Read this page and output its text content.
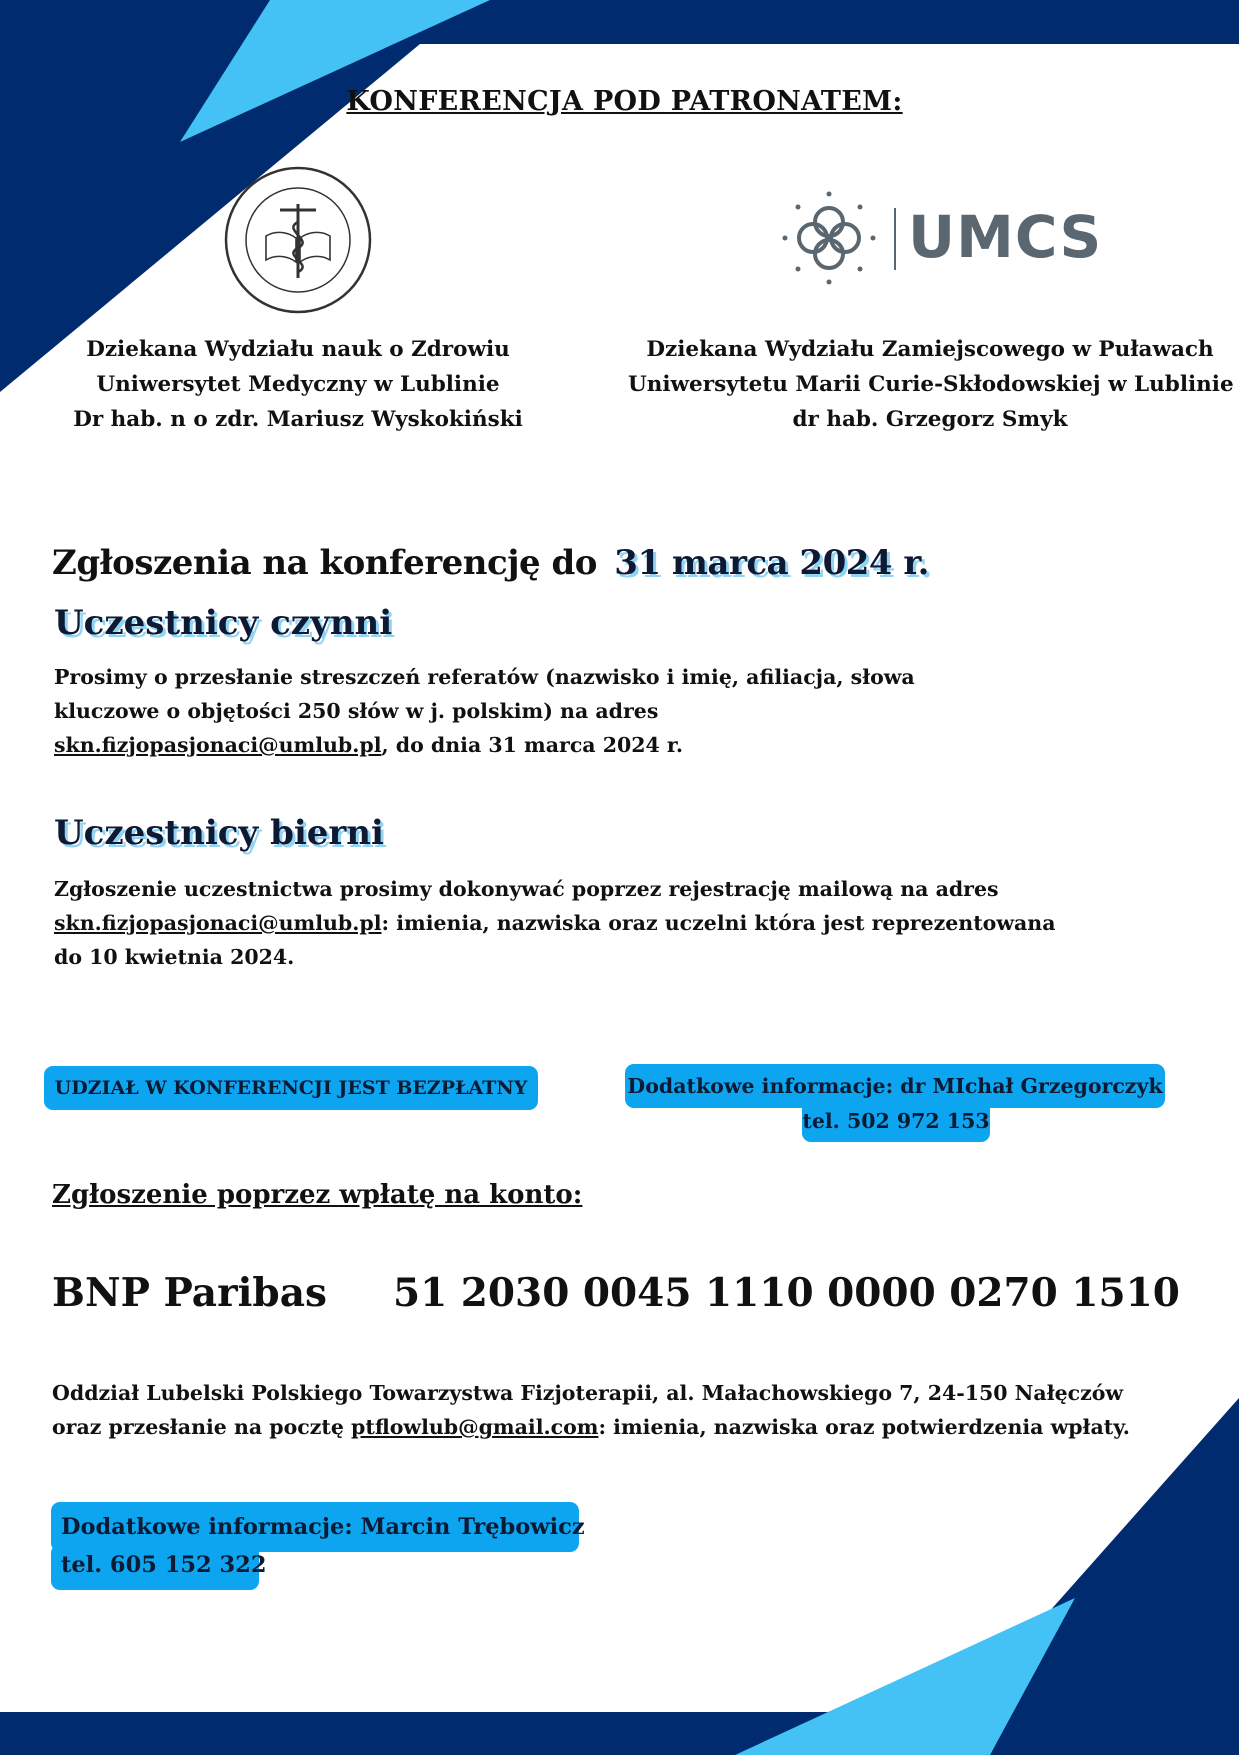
KONFERENCJA POD PATRONATEM:
UMCS
Dziekana Wydziału nauk o Zdrowiu
Uniwersytet Medyczny w Lublinie
Dr hab. n o zdr. Mariusz Wyskokiński
Dziekana Wydziału Zamiejscowego w Puławach
Uniwersytetu Marii Curie-Skłodowskiej w Lublinie
dr hab. Grzegorz Smyk
Zgłoszenia na konferencję do 31 marca 2024 r.
Uczestnicy czynni
Prosimy o przesłanie streszczeń referatów (nazwisko i imię, afiliacja, słowa
kluczowe o objętości 250 słów w j. polskim) na adres
skn.fizjopasjonaci@umlub.pl, do dnia 31 marca 2024 r.
Uczestnicy bierni
Zgłoszenie uczestnictwa prosimy dokonywać poprzez rejestrację mailową na adres
skn.fizjopasjonaci@umlub.pl: imienia, nazwiska oraz uczelni która jest reprezentowana
do 10 kwietnia 2024.
UDZIAŁ W KONFERENCJI JEST BEZPŁATNY	Dodatkowe informacje: dr MIchał Grzegorczyk
tel. 502 972 153
Zgłoszenie poprzez wpłatę na konto:
BNP Paribas 51 2030 0045 1110 0000 0270 1510
Oddział Lubelski Polskiego Towarzystwa Fizjoterapii, al. Małachowskiego 7, 24-150 Nałęczów
oraz przesłanie na pocztę ptflowlub@gmail.com: imienia, nazwiska oraz potwierdzenia wpłaty.
Dodatkowe informacje: Marcin Trębowicz
tel. 605 152 322
